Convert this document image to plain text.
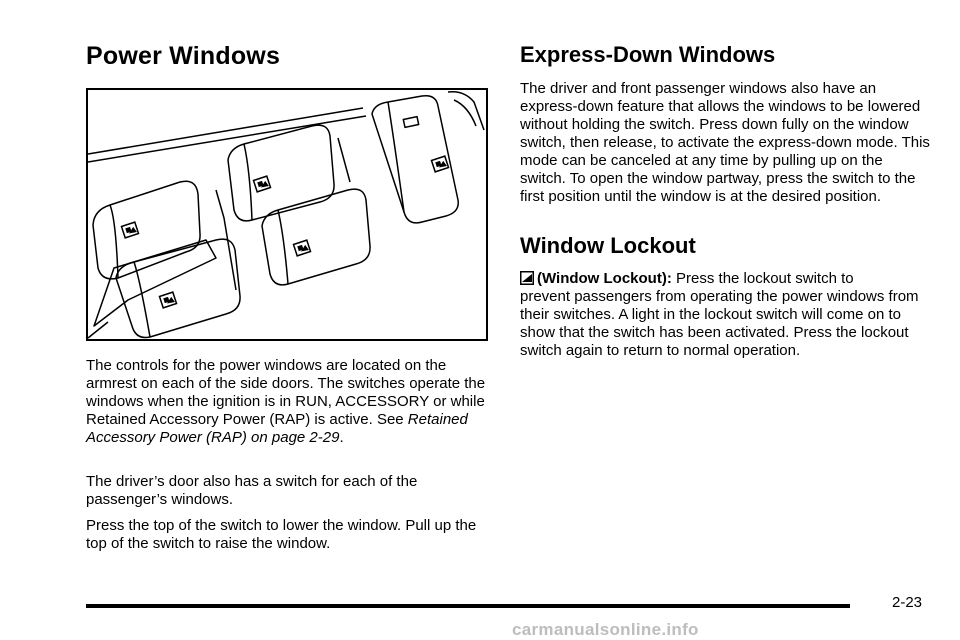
Power Windows

The controls for the power windows are located on the armrest on each of the side doors. The switches operate the windows when the ignition is in RUN, ACCESSORY or while Retained Accessory Power (RAP) is active. See Retained Accessory Power (RAP) on page 2-29.

The driver’s door also has a switch for each of the passenger’s windows.

Press the top of the switch to lower the window. Pull up the top of the switch to raise the window.

Express-Down Windows

The driver and front passenger windows also have an express-down feature that allows the windows to be lowered without holding the switch. Press down fully on the window switch, then release, to activate the express-down mode. This mode can be canceled at any time by pulling up on the switch. To open the window partway, press the switch to the first position until the window is at the desired position.

Window Lockout

(Window Lockout): Press the lockout switch to
prevent passengers from operating the power windows from their switches. A light in the lockout switch will come on to show that the switch has been activated. Press the lockout switch again to return to normal operation.

2-23
carmanualsonline.info
